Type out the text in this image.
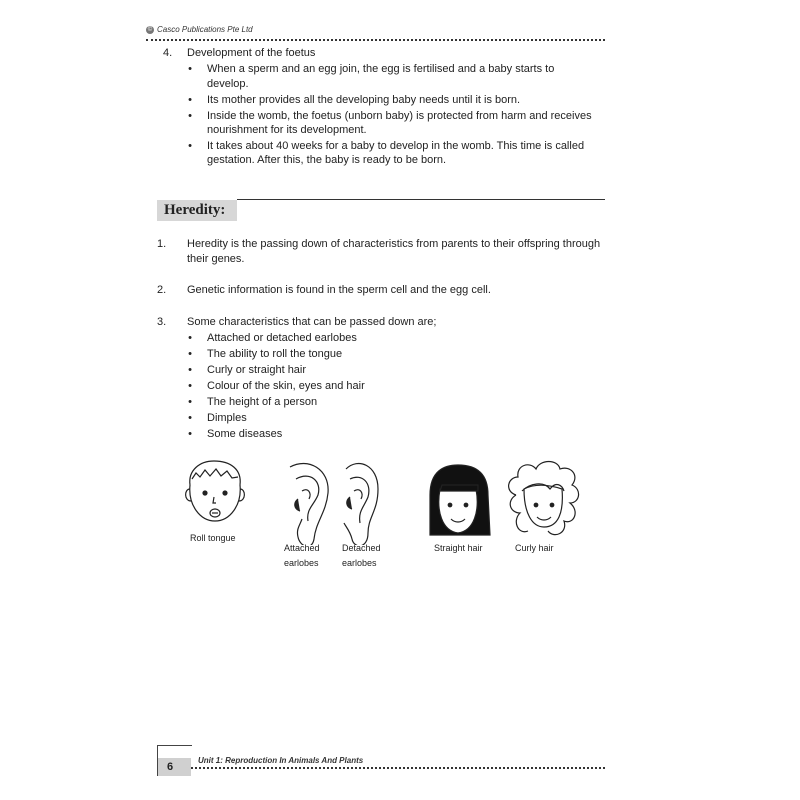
© Casco Publications Pte Ltd
4.	Development of the foetus
• When a sperm and an egg join, the egg is fertilised and a baby starts to
develop.
• Its mother provides all the developing baby needs until it is born.
• Inside the womb, the foetus (unborn baby) is protected from harm and receives
nourishment for its development.
• It takes about 40 weeks for a baby to develop in the womb. This time is called
gestation. After this, the baby is ready to be born.
Heredity:
1.	Heredity is the passing down of characteristics from parents to their offspring through
their genes.
2.	Genetic information is found in the sperm cell and the egg cell.
3.	Some characteristics that can be passed down are;
• Attached or detached earlobes
• The ability to roll the tongue
• Curly or straight hair
• Colour of the skin, eyes and hair
• The height of a person
• Dimples
• Some diseases
Roll tongue
Attached
earlobes
Detached
earlobes
Straight hair	Curly hair
6
Unit 1: Reproduction In Animals And Plants
